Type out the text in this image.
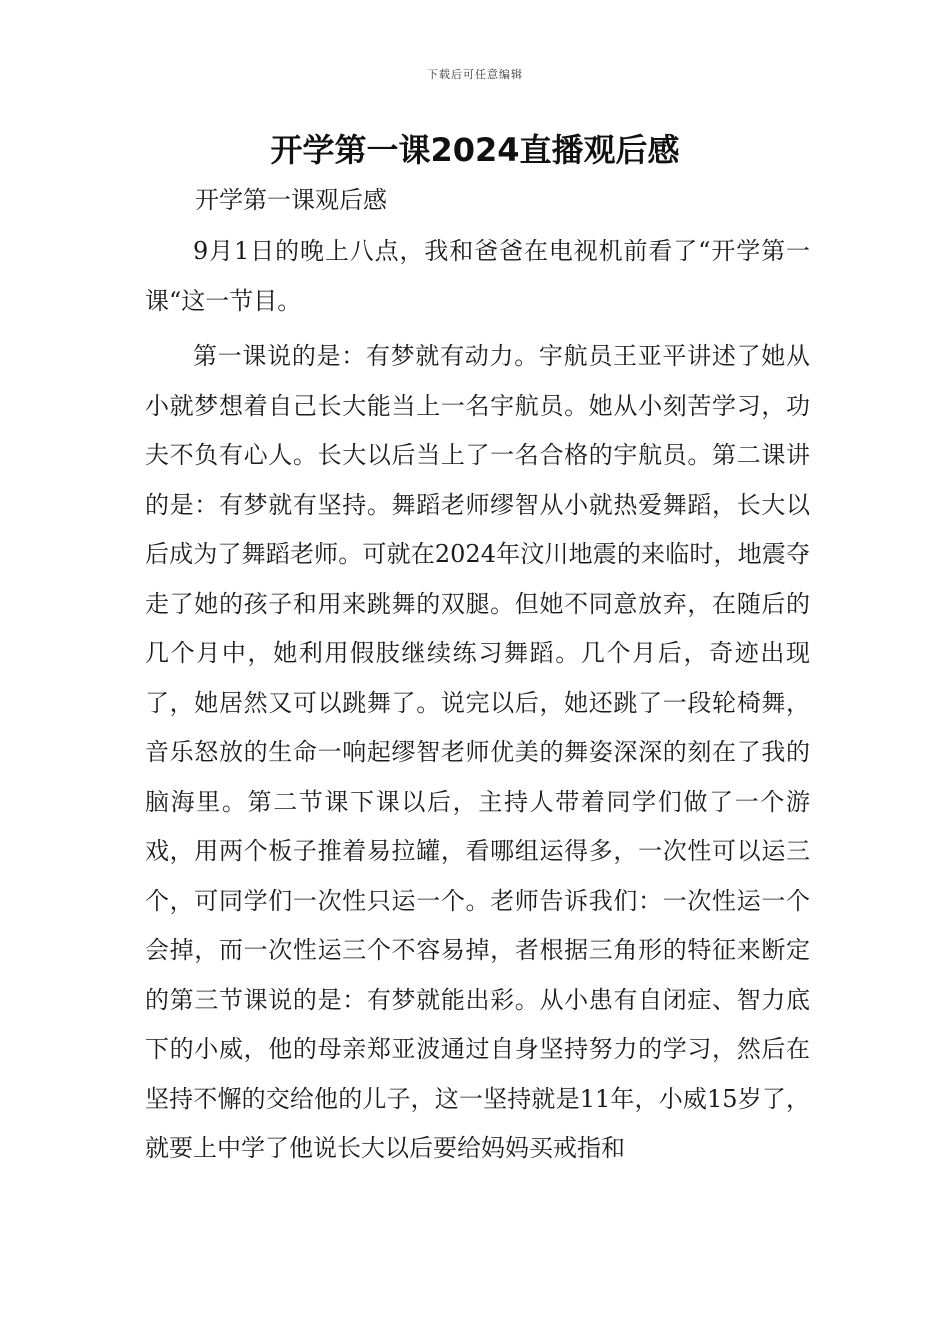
下载后可任意编辑
开学第一课2024直播观后感

开学第一课观后感

9月1日的晚上八点，我和爸爸在电视机前看了“开学第一课“这一节目。

第一课说的是：有梦就有动力。宇航员王亚平讲述了她从小就梦想着自己长大能当上一名宇航员。她从小刻苦学习，功夫不负有心人。长大以后当上了一名合格的宇航员。第二课讲的是：有梦就有坚持。舞蹈老师缪智从小就热爱舞蹈，长大以后成为了舞蹈老师。可就在2024年汶川地震的来临时，地震夺走了她的孩子和用来跳舞的双腿。但她不同意放弃，在随后的几个月中，她利用假肢继续练习舞蹈。几个月后，奇迹出现了，她居然又可以跳舞了。说完以后，她还跳了一段轮椅舞，音乐怒放的生命一响起缪智老师优美的舞姿深深的刻在了我的脑海里。第二节课下课以后，主持人带着同学们做了一个游戏，用两个板子推着易拉罐，看哪组运得多，一次性可以运三个，可同学们一次性只运一个。老师告诉我们：一次性运一个会掉，而一次性运三个不容易掉，者根据三角形的特征来断定的第三节课说的是：有梦就能出彩。从小患有自闭症、智力底下的小威，他的母亲郑亚波通过自身坚持努力的学习，然后在坚持不懈的交给他的儿子，这一坚持就是11年，小威15岁了，就要上中学了他说长大以后要给妈妈买戒指和
